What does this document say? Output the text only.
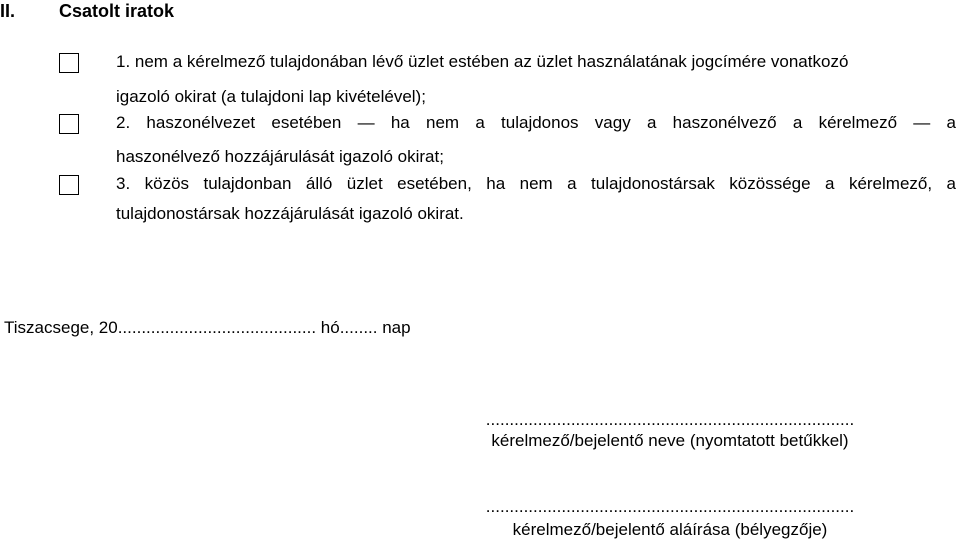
II. Csatolt iratok
1. nem a kérelmező tulajdonában lévő üzlet estében az üzlet használatának jogcímére vonatkozó
igazoló okirat (a tulajdoni lap kivételével);
2. haszonélvezet esetében — ha nem a tulajdonos vagy a haszonélvező a kérelmező — a
haszonélvező hozzájárulását igazoló okirat;
3. közös tulajdonban álló üzlet esetében, ha nem a tulajdonostársak közössége a kérelmező, a
tulajdonostársak hozzájárulását igazoló okirat.
Tiszacsege, 20.......................................... hó........ nap
..............................................................................
kérelmező/bejelentő neve (nyomtatott betűkkel)
..............................................................................
kérelmező/bejelentő aláírása (bélyegzője)
